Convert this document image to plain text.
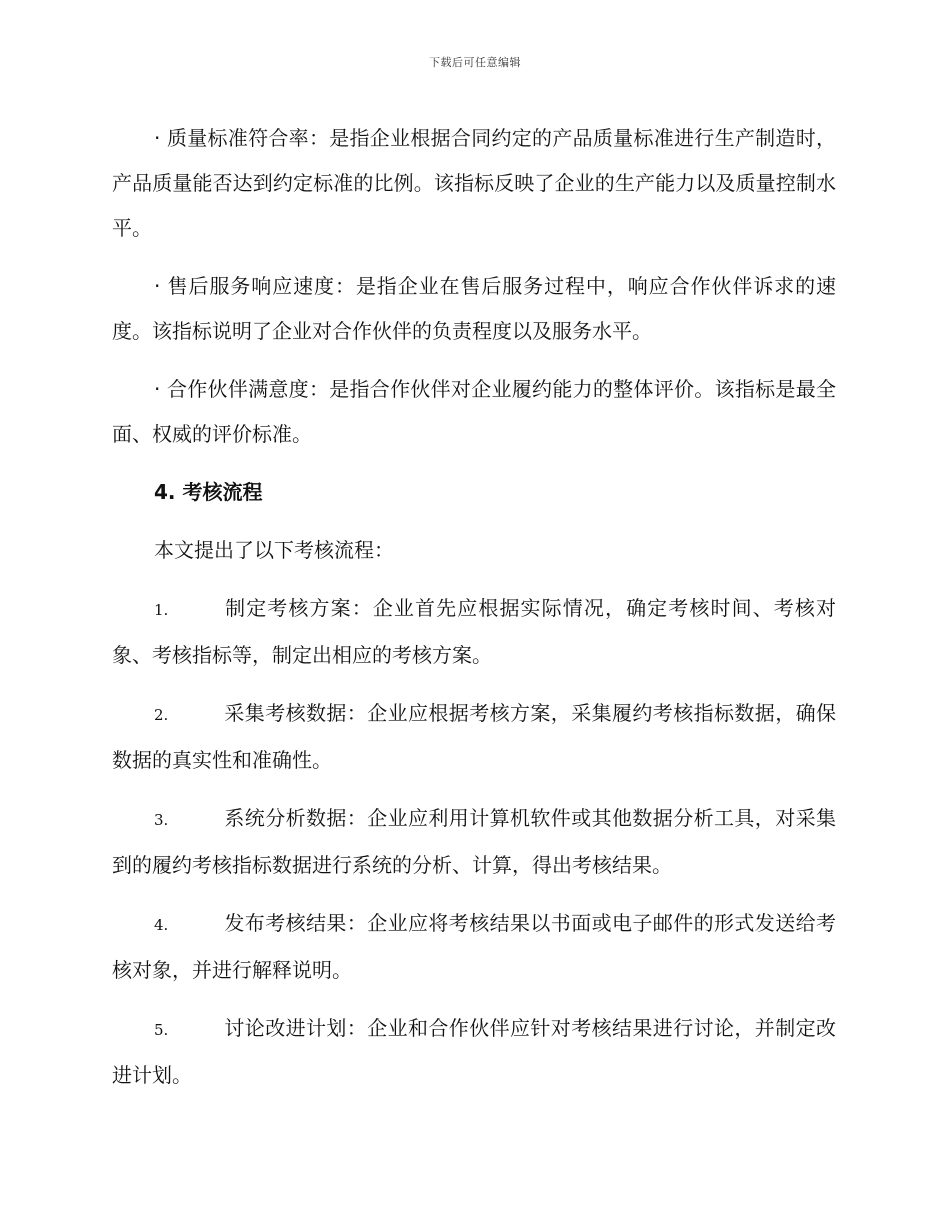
下载后可任意编辑

· 质量标准符合率：是指企业根据合同约定的产品质量标准进行生产制造时，产品质量能否达到约定标准的比例。该指标反映了企业的生产能力以及质量控制水平。

· 售后服务响应速度：是指企业在售后服务过程中，响应合作伙伴诉求的速度。该指标说明了企业对合作伙伴的负责程度以及服务水平。

· 合作伙伴满意度：是指合作伙伴对企业履约能力的整体评价。该指标是最全面、权威的评价标准。

4. 考核流程

本文提出了以下考核流程：

1.	制定考核方案：企业首先应根据实际情况，确定考核时间、考核对象、考核指标等，制定出相应的考核方案。

2.	采集考核数据：企业应根据考核方案，采集履约考核指标数据，确保数据的真实性和准确性。

3.	系统分析数据：企业应利用计算机软件或其他数据分析工具，对采集到的履约考核指标数据进行系统的分析、计算，得出考核结果。

4.	发布考核结果：企业应将考核结果以书面或电子邮件的形式发送给考核对象，并进行解释说明。

5.	讨论改进计划：企业和合作伙伴应针对考核结果进行讨论，并制定改进计划。
